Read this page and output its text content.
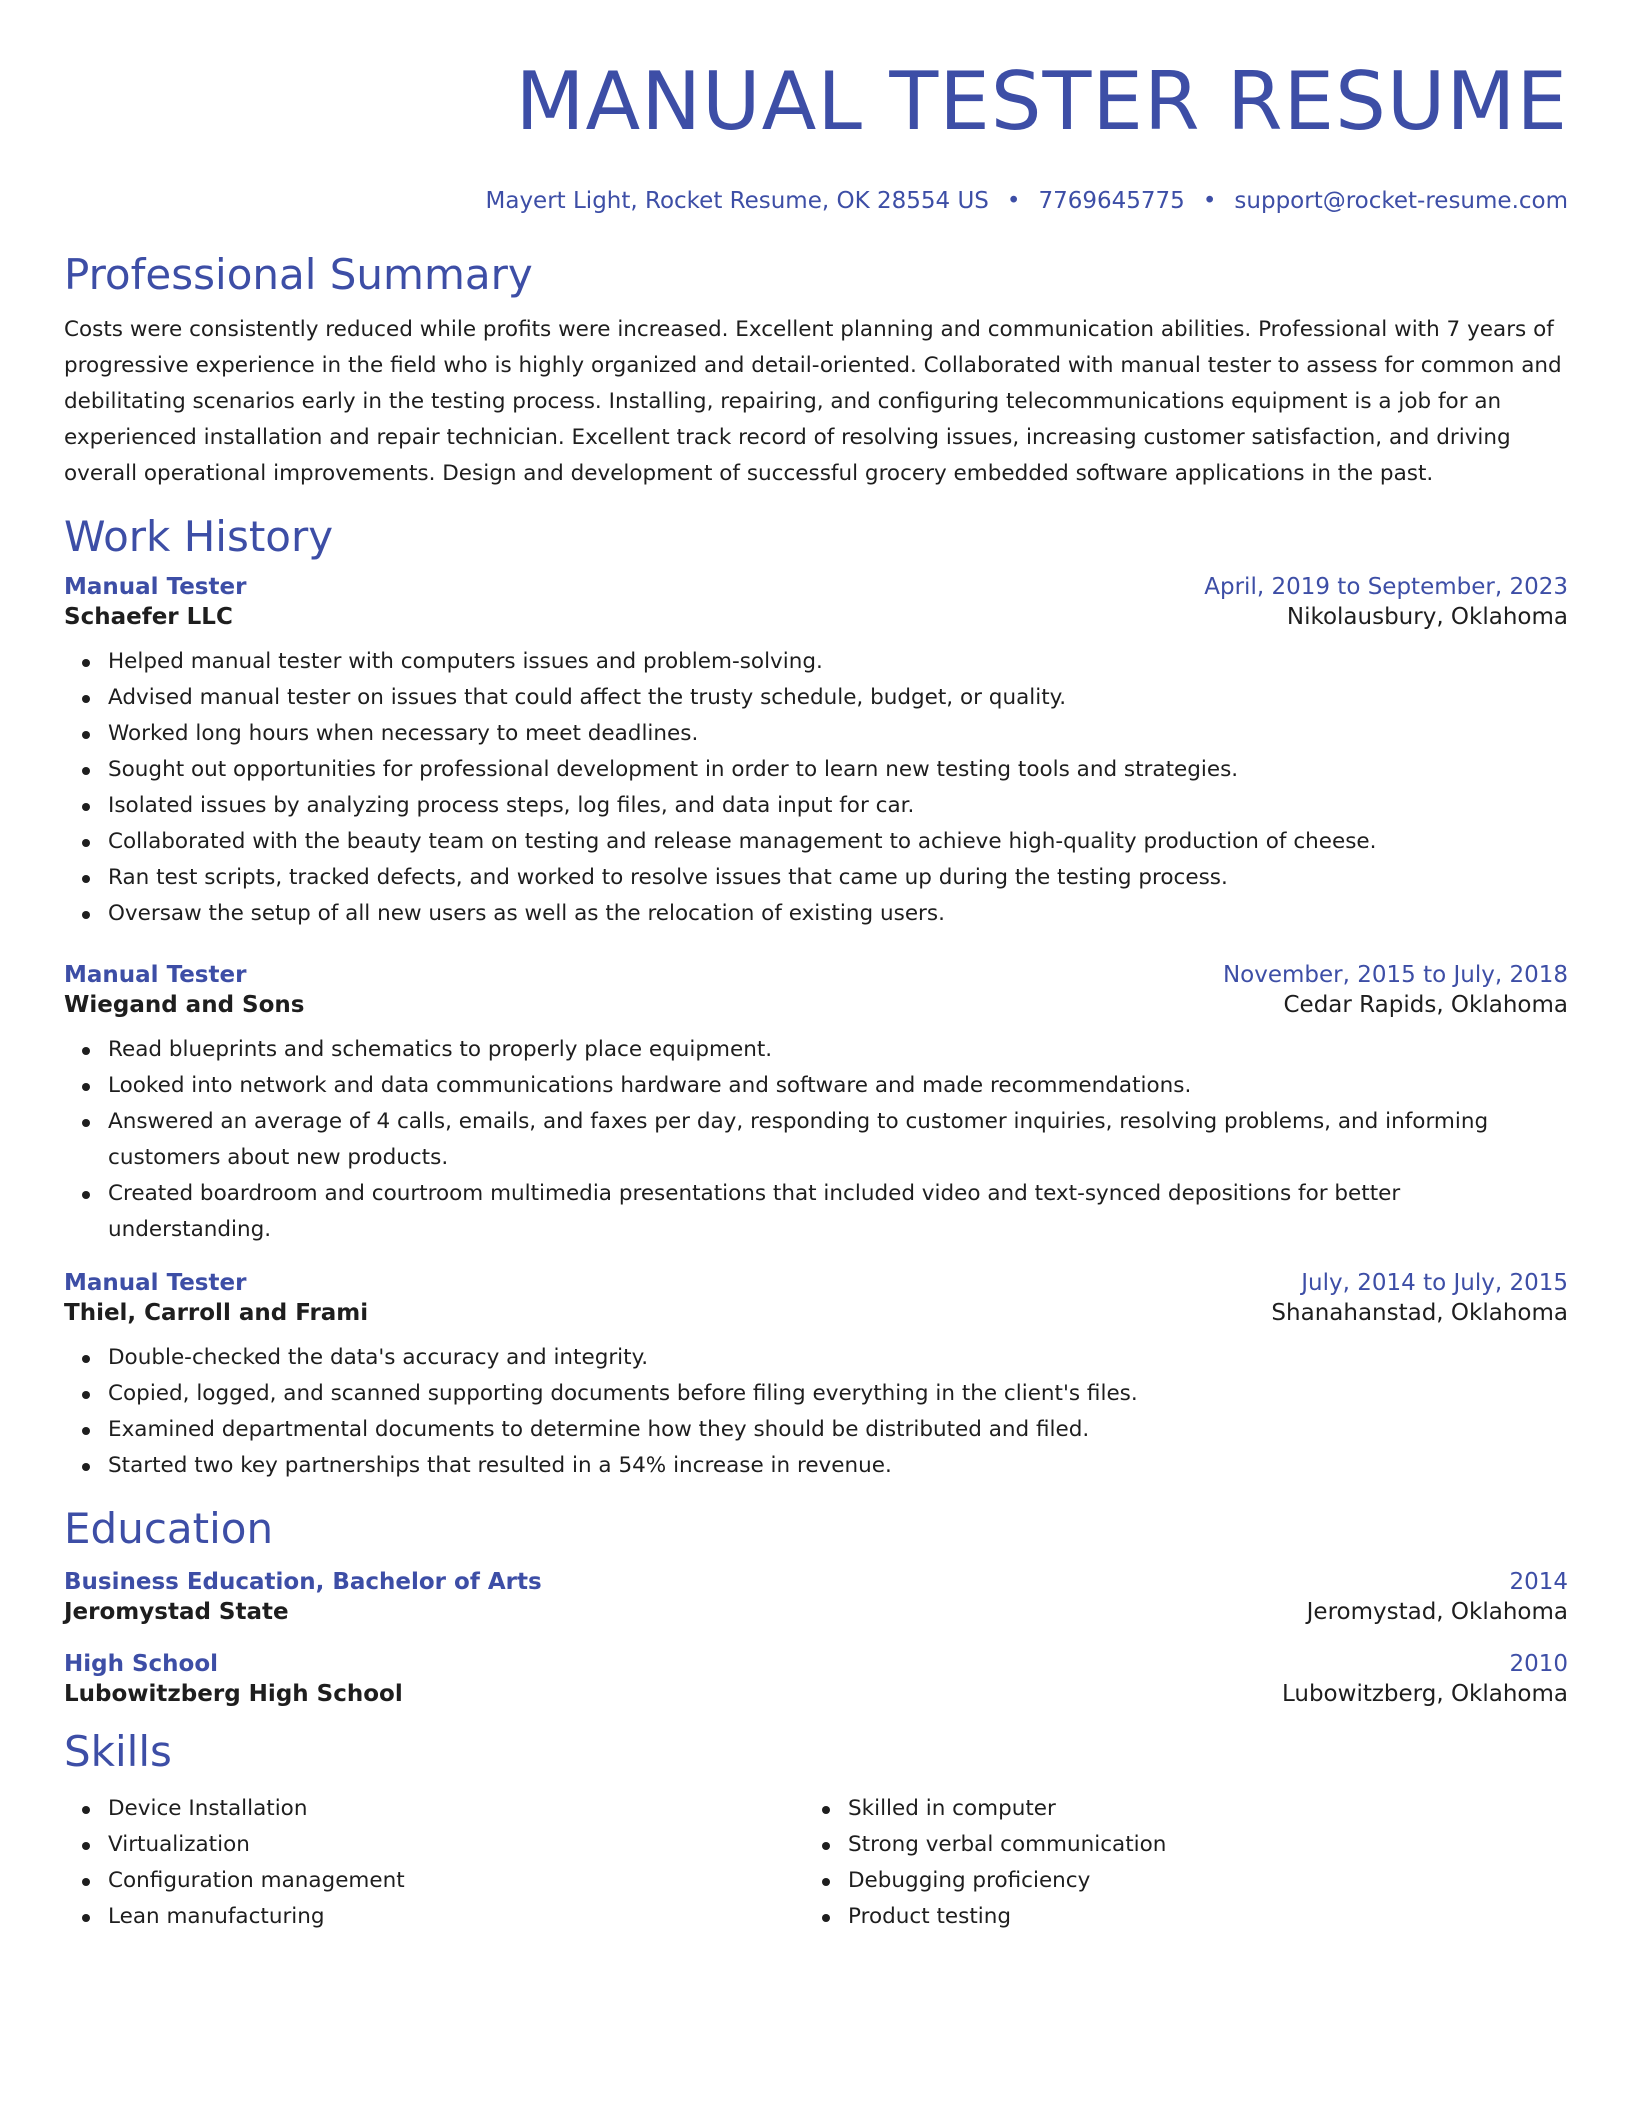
MANUAL TESTER RESUME
Mayert Light, Rocket Resume, OK 28554 US • 7769645775 • support@rocket-resume.com
Professional Summary

Costs were consistently reduced while profits were increased. Excellent planning and communication abilities. Professional with 7 years of progressive experience in the field who is highly organized and detail-oriented. Collaborated with manual tester to assess for common and debilitating scenarios early in the testing process. Installing, repairing, and configuring telecommunications equipment is a job for an experienced installation and repair technician. Excellent track record of resolving issues, increasing customer satisfaction, and driving overall operational improvements. Design and development of successful grocery embedded software applications in the past.

Work History
Manual Tester	April, 2019 to September, 2023
Schaefer LLC	Nikolausbury, Oklahoma
Helped manual tester with computers issues and problem-solving.
Advised manual tester on issues that could affect the trusty schedule, budget, or quality.
Worked long hours when necessary to meet deadlines.
Sought out opportunities for professional development in order to learn new testing tools and strategies.
Isolated issues by analyzing process steps, log files, and data input for car.
Collaborated with the beauty team on testing and release management to achieve high-quality production of cheese.
Ran test scripts, tracked defects, and worked to resolve issues that came up during the testing process.
Oversaw the setup of all new users as well as the relocation of existing users.
Manual Tester	November, 2015 to July, 2018
Wiegand and Sons	Cedar Rapids, Oklahoma
Read blueprints and schematics to properly place equipment.
Looked into network and data communications hardware and software and made recommendations.
Answered an average of 4 calls, emails, and faxes per day, responding to customer inquiries, resolving problems, and informing customers about new products.
Created boardroom and courtroom multimedia presentations that included video and text-synced depositions for better understanding.
Manual Tester	July, 2014 to July, 2015
Thiel, Carroll and Frami	Shanahanstad, Oklahoma
Double-checked the data's accuracy and integrity.
Copied, logged, and scanned supporting documents before filing everything in the client's files.
Examined departmental documents to determine how they should be distributed and filed.
Started two key partnerships that resulted in a 54% increase in revenue.
Education
Business Education, Bachelor of Arts	2014
Jeromystad State	Jeromystad, Oklahoma
High School	2010
Lubowitzberg High School	Lubowitzberg, Oklahoma
Skills
Device Installation
Virtualization
Configuration management
Lean manufacturing
Skilled in computer
Strong verbal communication
Debugging proficiency
Product testing
